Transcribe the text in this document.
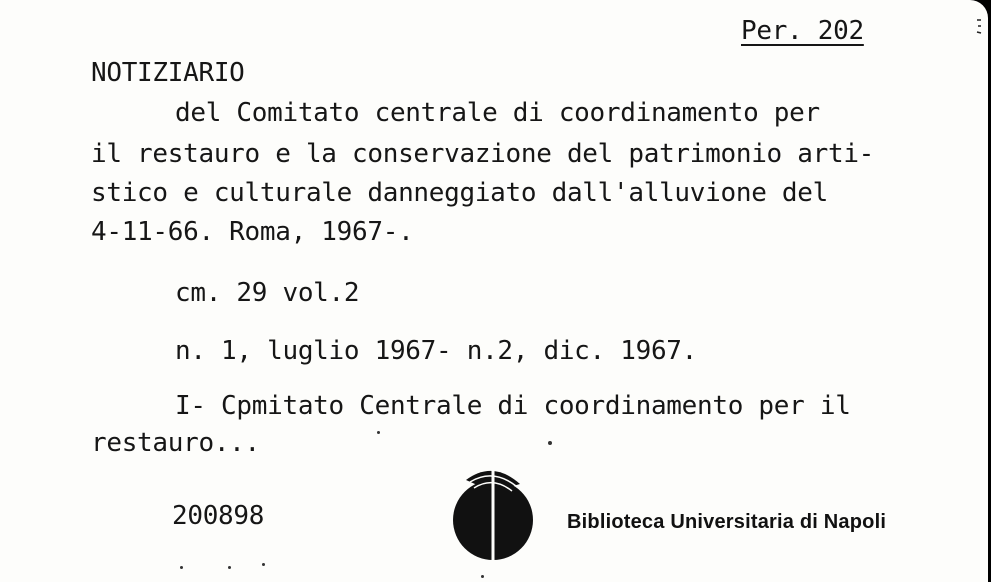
Per. 202
NOTIZIARIO
del Comitato centrale di coordinamento per
il restauro e la conservazione del patrimonio arti-
stico e culturale danneggiato dall'alluvione del
4-11-66. Roma, 1967-.
cm. 29 vol.2
n. 1, luglio 1967- n.2, dic. 1967.
I- Cpmitato Centrale di coordinamento per il
restauro...
200898	Biblioteca Universitaria di Napoli
